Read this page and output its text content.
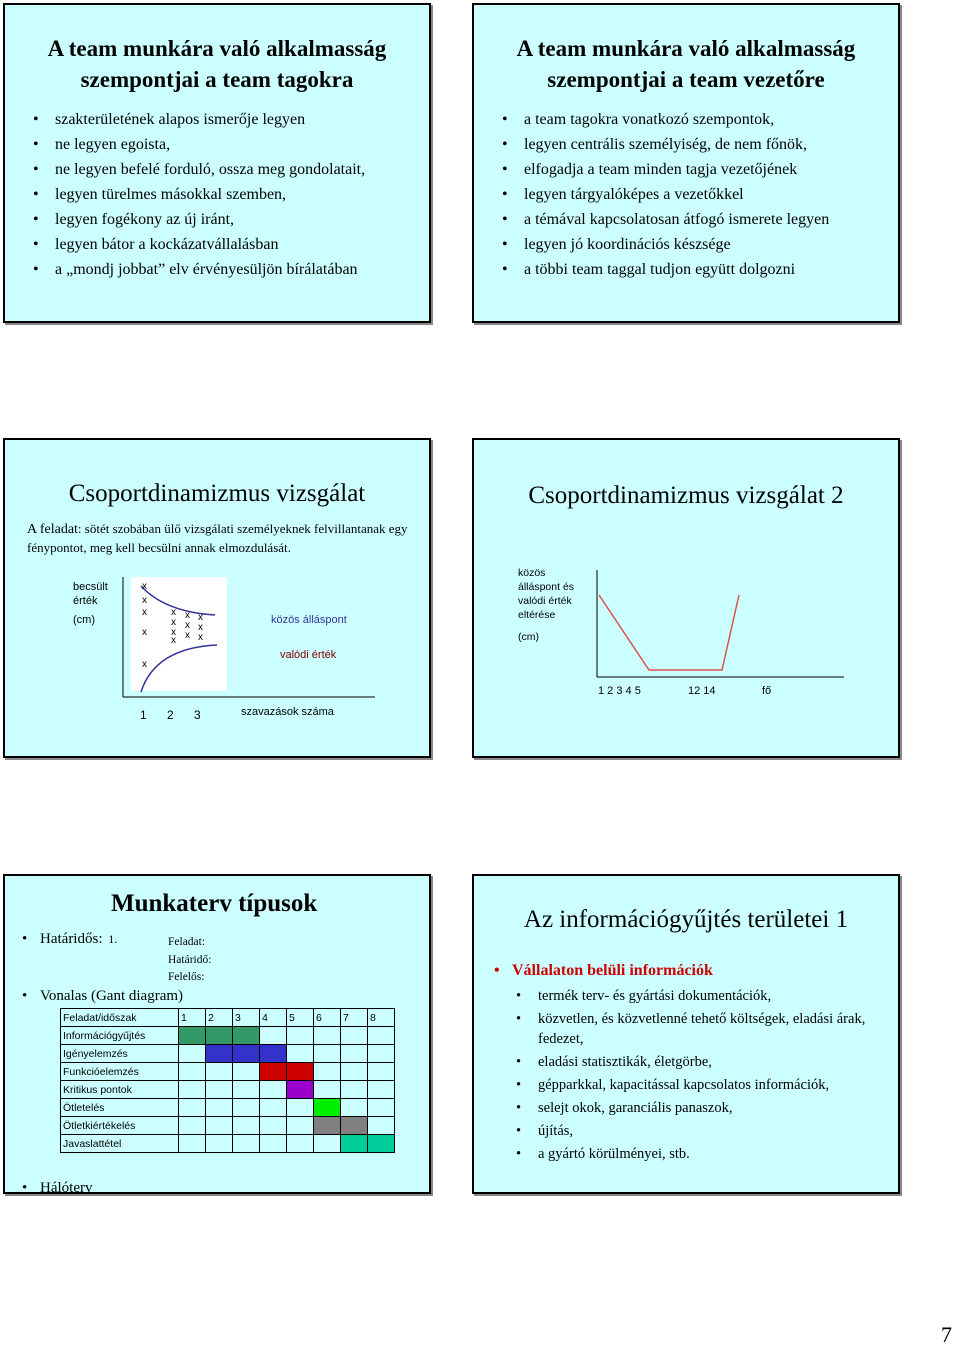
A team munkára való alkalmasság szempontjai a team tagokra
• szakterületének alapos ismerője legyen
• ne legyen egoista,
• ne legyen befelé forduló, ossza meg gondolatait,
• legyen türelmes másokkal szemben,
• legyen fogékony az új iránt,
• legyen bátor a kockázatvállalásban
• a „mondj jobbat” elv érvényesüljön bírálatában
A team munkára való alkalmasság szempontjai a team vezetőre
• a team tagokra vonatkozó szempontok,
• legyen centrális személyiség, de nem főnök,
• elfogadja a team minden tagja vezetőjének
• legyen tárgyalóképes a vezetőkkel
• a témával kapcsolatosan átfogó ismerete legyen
• legyen jó koordinációs készsége
• a többi team taggal tudjon együtt dolgozni
Csoportdinamizmus vizsgálat
A feladat: sötét szobában ülő vizsgálati személyeknek felvillantanak egy fénypontot, meg kell becsülni annak elmozdulását.
becsült
érték
(cm)
x
x
x
x
x
x
x
x
x
x
x
x
x
x
x
közös álláspont
valódi érték
1 2 3	szavazások száma
Csoportdinamizmus vizsgálat 2
közös
álláspont és
valódi érték
eltérése
(cm)
1 2 3 4 5	12 14	fő
Munkaterv típusok
• Határidős: 1.	Feladat:
Határidő:
Felelős:
• Vonalas (Gant diagram)
• Hálóterv
Feladat/időszak	1	2	3	4	5	6	7	8
Információgyűjtés								
Igényelemzés								
Funkcióelemzés								
Kritikus pontok								
Ötletelés								
Ötletkiértékelés								
Javaslattétel								
Az információgyűjtés területei 1
• Vállalaton belüli információk
• termék terv- és gyártási dokumentációk,
• közvetlen, és közvetlenné tehető költségek, eladási árak, fedezet,
• eladási statisztikák, életgörbe,
• gépparkkal, kapacitással kapcsolatos információk,
• selejt okok, garanciális panaszok,
• újítás,
• a gyártó körülményei, stb.
7
